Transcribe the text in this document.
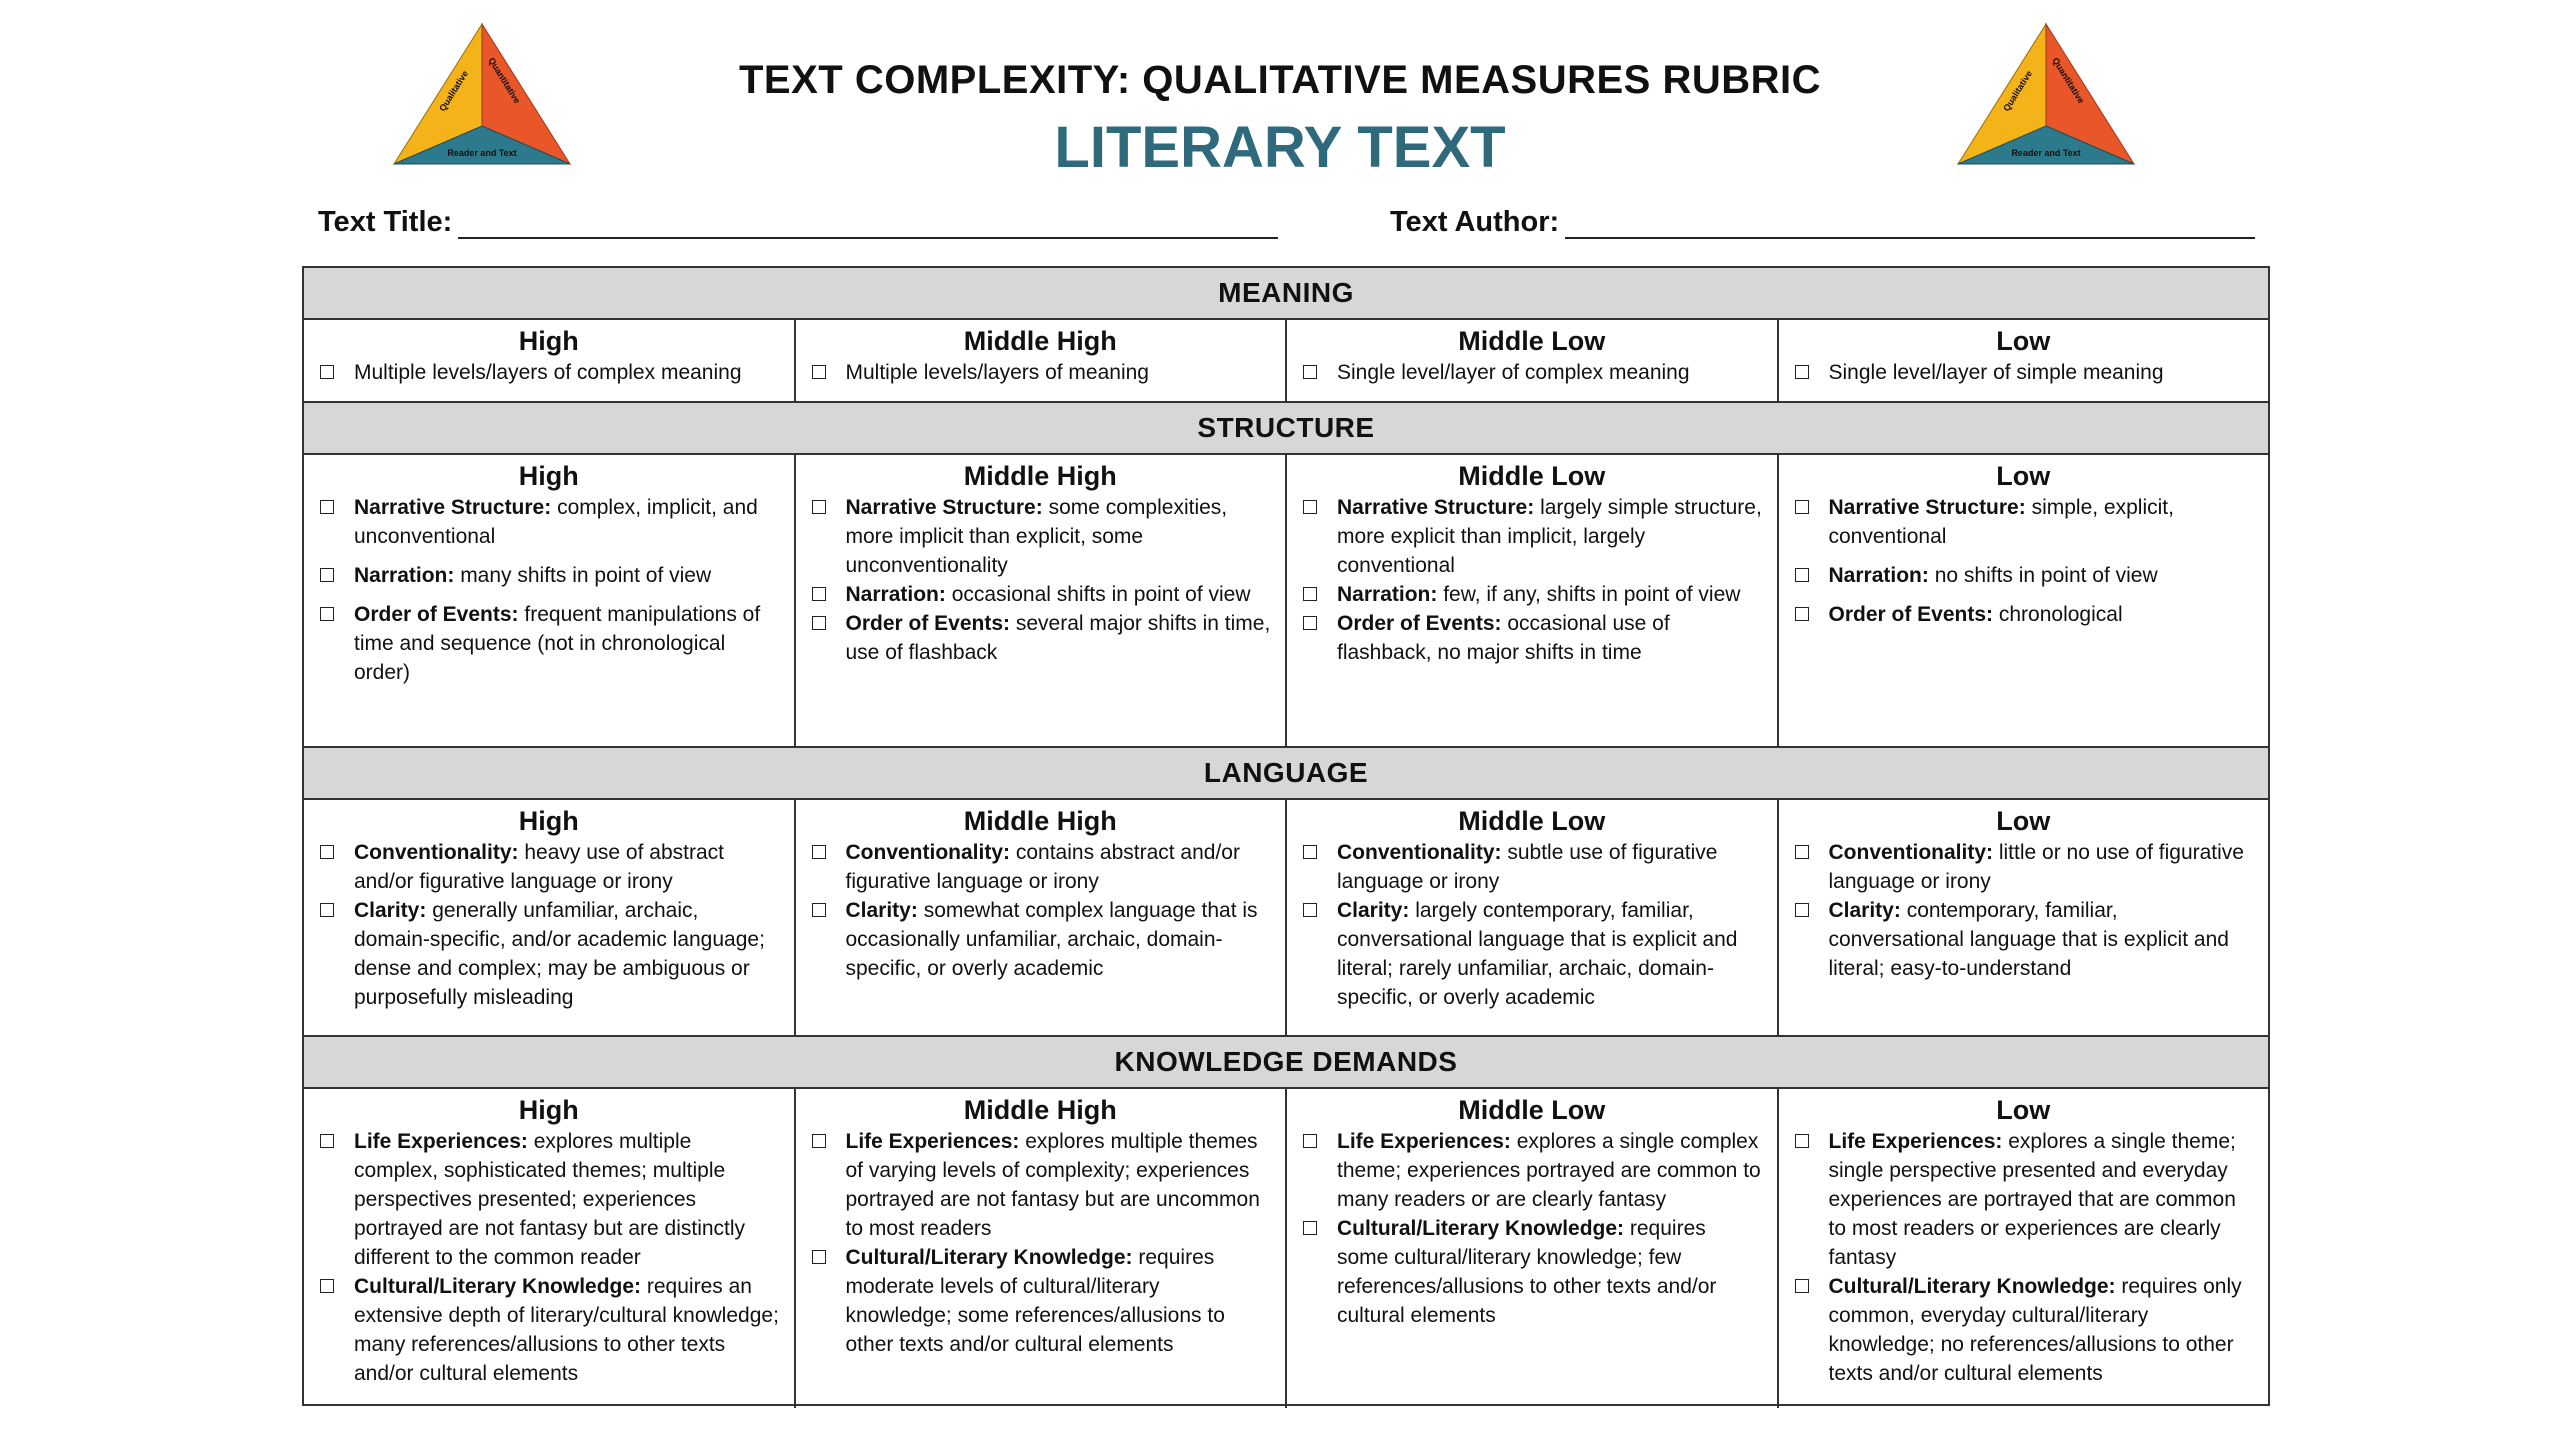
Qualitative Quantitative
Reader and Text
Qualitative Quantitative
Reader and Text
TEXT COMPLEXITY: QUALITATIVE MEASURES RUBRIC
LITERARY TEXT
Text Title:	Text Author:
MEANING
High
Multiple levels/layers of complex meaning
Middle High
Multiple levels/layers of meaning
Middle Low
Single level/layer of complex meaning
Low
Single level/layer of simple meaning
STRUCTURE
High
Narrative Structure: complex, implicit, and unconventional
Narration: many shifts in point of view
Order of Events: frequent manipulations of time and sequence (not in chronological order)
Middle High
Narrative Structure: some complexities, more implicit than explicit, some unconventionality
Narration: occasional shifts in point of view
Order of Events: several major shifts in time, use of flashback
Middle Low
Narrative Structure: largely simple structure, more explicit than implicit, largely conventional
Narration: few, if any, shifts in point of view
Order of Events: occasional use of flashback, no major shifts in time
Low
Narrative Structure: simple, explicit, conventional
Narration: no shifts in point of view
Order of Events: chronological
LANGUAGE
High
Conventionality: heavy use of abstract and/or figurative language or irony
Clarity: generally unfamiliar, archaic, domain-specific, and/or academic language; dense and complex; may be ambiguous or purposefully misleading
Middle High
Conventionality: contains abstract and/or figurative language or irony
Clarity: somewhat complex language that is occasionally unfamiliar, archaic, domain-specific, or overly academic
Middle Low
Conventionality: subtle use of figurative language or irony
Clarity: largely contemporary, familiar, conversational language that is explicit and literal; rarely unfamiliar, archaic, domain-specific, or overly academic
Low
Conventionality: little or no use of figurative language or irony
Clarity: contemporary, familiar, conversational language that is explicit and literal; easy-to-understand
KNOWLEDGE DEMANDS
High
Life Experiences: explores multiple complex, sophisticated themes; multiple perspectives presented; experiences portrayed are not fantasy but are distinctly different to the common reader
Cultural/Literary Knowledge: requires an extensive depth of literary/cultural knowledge; many references/allusions to other texts and/or cultural elements
Middle High
Life Experiences: explores multiple themes of varying levels of complexity; experiences portrayed are not fantasy but are uncommon to most readers
Cultural/Literary Knowledge: requires moderate levels of cultural/literary knowledge; some references/allusions to other texts and/or cultural elements
Middle Low
Life Experiences: explores a single complex theme; experiences portrayed are common to many readers or are clearly fantasy
Cultural/Literary Knowledge: requires some cultural/literary knowledge; few references/allusions to other texts and/or cultural elements
Low
Life Experiences: explores a single theme; single perspective presented and everyday experiences are portrayed that are common to most readers or experiences are clearly fantasy
Cultural/Literary Knowledge: requires only common, everyday cultural/literary knowledge; no references/allusions to other texts and/or cultural elements
